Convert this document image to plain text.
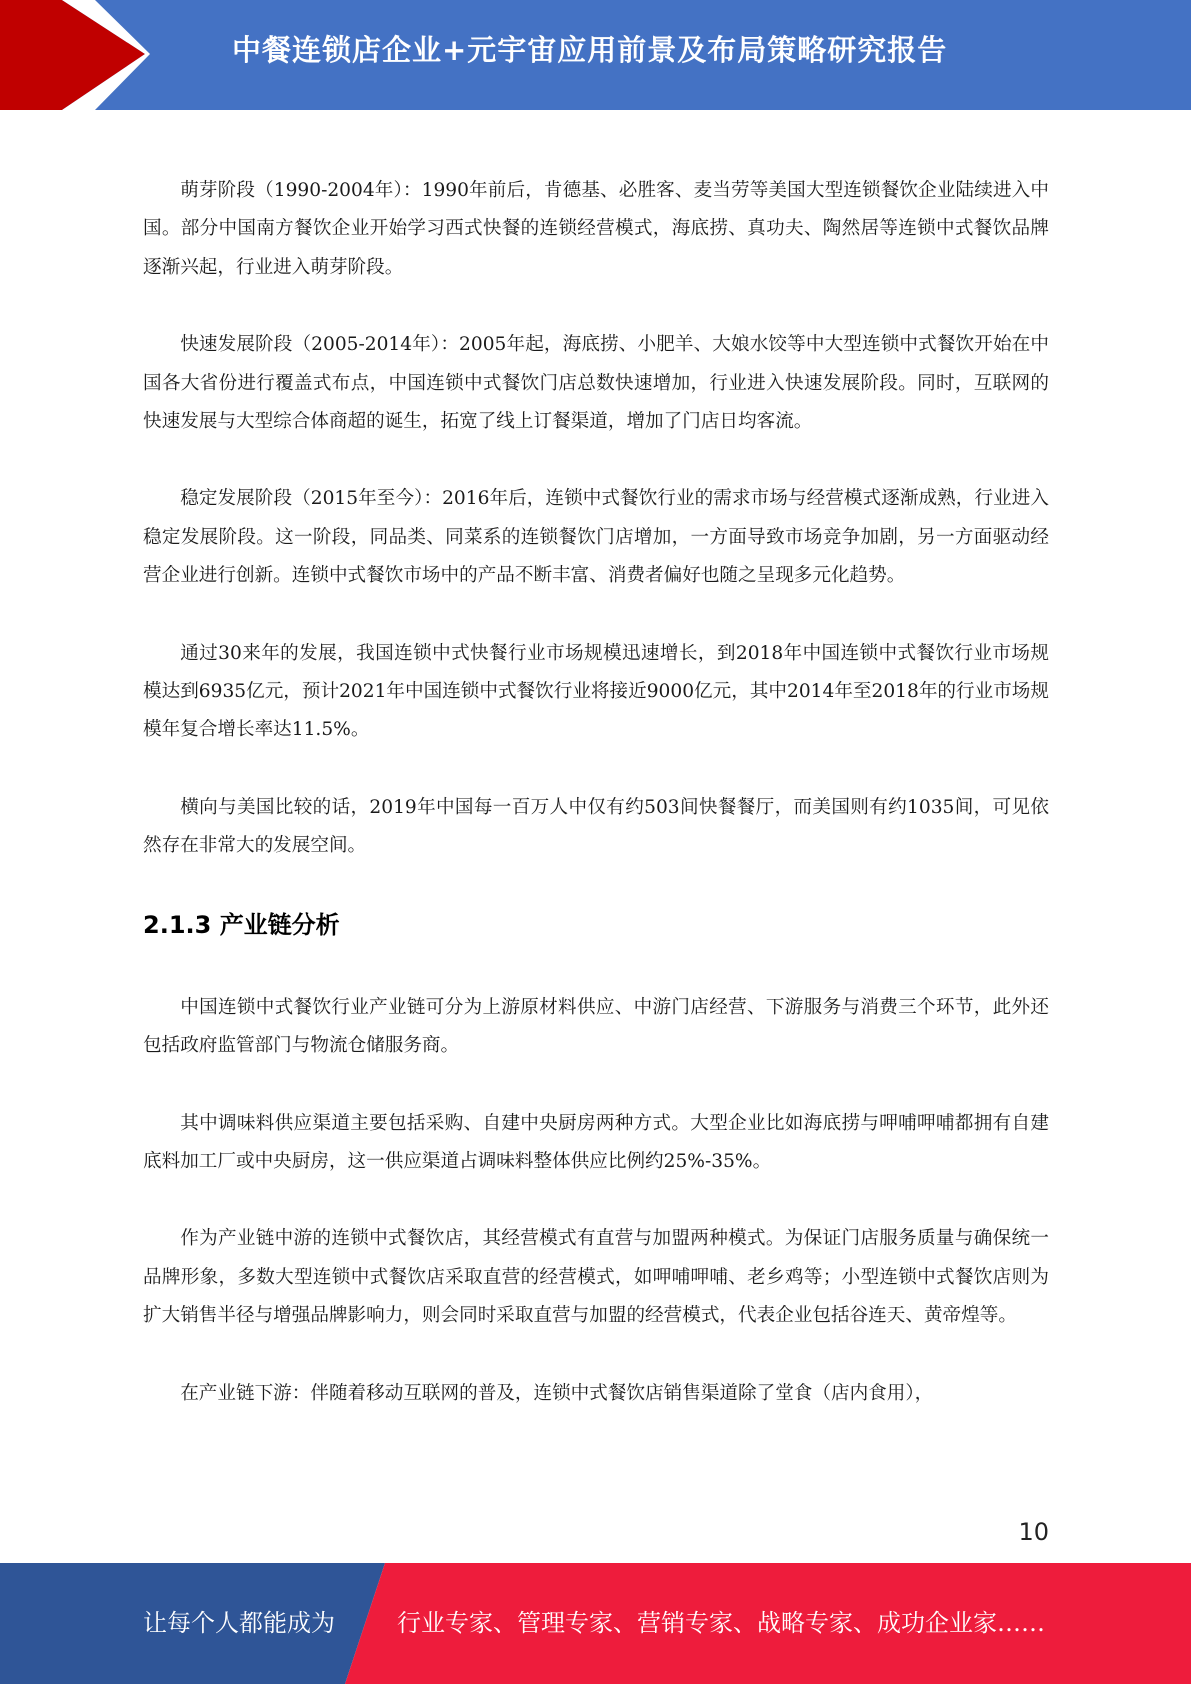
中餐连锁店企业+元宇宙应用前景及布局策略研究报告

萌芽阶段（1990-2004年）：1990年前后，肯德基、必胜客、麦当劳等美国大型连锁餐饮企业陆续进入中国。部分中国南方餐饮企业开始学习西式快餐的连锁经营模式，海底捞、真功夫、陶然居等连锁中式餐饮品牌逐渐兴起，行业进入萌芽阶段。

快速发展阶段（2005-2014年）：2005年起，海底捞、小肥羊、大娘水饺等中大型连锁中式餐饮开始在中国各大省份进行覆盖式布点，中国连锁中式餐饮门店总数快速增加，行业进入快速发展阶段。同时，互联网的快速发展与大型综合体商超的诞生，拓宽了线上订餐渠道，增加了门店日均客流。

稳定发展阶段（2015年至今）：2016年后，连锁中式餐饮行业的需求市场与经营模式逐渐成熟，行业进入稳定发展阶段。这一阶段，同品类、同菜系的连锁餐饮门店增加，一方面导致市场竞争加剧，另一方面驱动经营企业进行创新。连锁中式餐饮市场中的产品不断丰富、消费者偏好也随之呈现多元化趋势。

通过30来年的发展，我国连锁中式快餐行业市场规模迅速增长，到2018年中国连锁中式餐饮行业市场规模达到6935亿元，预计2021年中国连锁中式餐饮行业将接近9000亿元，其中2014年至2018年的行业市场规模年复合增长率达11.5%。

横向与美国比较的话，2019年中国每一百万人中仅有约503间快餐餐厅，而美国则有约1035间，可见依然存在非常大的发展空间。

2.1.3 产业链分析

中国连锁中式餐饮行业产业链可分为上游原材料供应、中游门店经营、下游服务与消费三个环节，此外还包括政府监管部门与物流仓储服务商。

其中调味料供应渠道主要包括采购、自建中央厨房两种方式。大型企业比如海底捞与呷哺呷哺都拥有自建底料加工厂或中央厨房，这一供应渠道占调味料整体供应比例约25%-35%。

作为产业链中游的连锁中式餐饮店，其经营模式有直营与加盟两种模式。为保证门店服务质量与确保统一品牌形象，多数大型连锁中式餐饮店采取直营的经营模式，如呷哺呷哺、老乡鸡等；小型连锁中式餐饮店则为扩大销售半径与增强品牌影响力，则会同时采取直营与加盟的经营模式，代表企业包括谷连天、黄帝煌等。

在产业链下游：伴随着移动互联网的普及，连锁中式餐饮店销售渠道除了堂食（店内食用），

10
让每个人都能成为	行业专家、管理专家、营销专家、战略专家、成功企业家……
